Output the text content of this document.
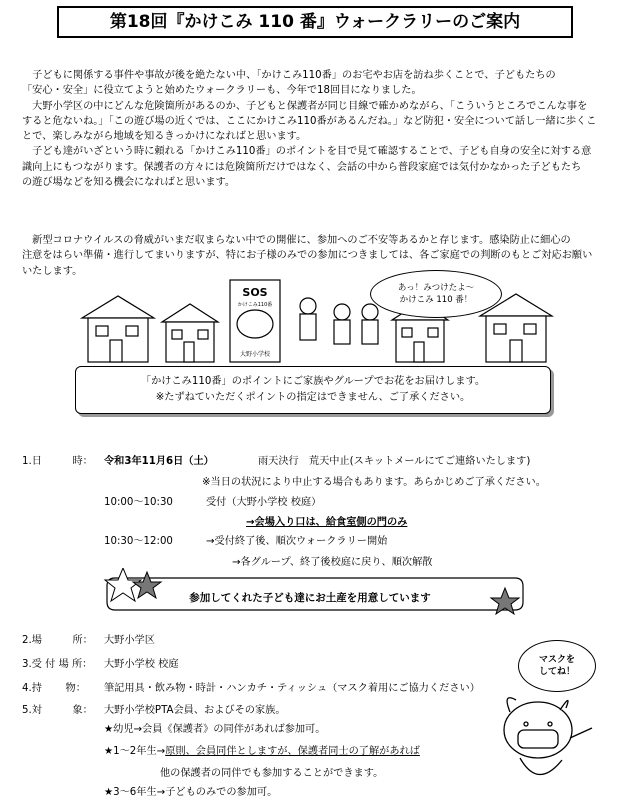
第18回『かけこみ 110 番』ウォークラリーのご案内
　子どもに関係する事件や事故が後を絶たない中、「かけこみ110番」のお宅やお店を訪ね歩くことで、子どもたちの
「安心・安全」に役立てようと始めたウォークラリーも、今年で18回目になりました。
　大野小学区の中にどんな危険箇所があるのか、子どもと保護者が同じ目線で確かめながら、「こういうところでこんな事を
すると危ないね。」「この遊び場の近くでは、ここにかけこみ110番があるんだね。」など防犯・安全について話し一緒に歩くこ
とで、楽しみながら地域を知るきっかけになればと思います。
　子ども達がいざという時に頼れる「かけこみ110番」のポイントを目で見て確認することで、子ども自身の安全に対する意
識向上にもつながります。保護者の方々には危険箇所だけではなく、会話の中から普段家庭では気付かなかった子どもたち
の遊び場などを知る機会になればと思います。
　新型コロナウイルスの脅威がいまだ収まらない中での開催に、参加へのご不安等あるかと存じます。感染防止に細心の
注意をはらい準備・進行してまいりますが、特にお子様のみでの参加につきましては、各ご家庭での判断のもとご対応お願い
いたします。
SOS
かけこみ110番
大野小学校
あっ！みつけたよ～
かけこみ 110 番！
「かけこみ110番」のポイントにご家族やグループでお花をお届けします。
※たずねていただくポイントの指定はできません、ご了承ください。
1.日　　　時： 令和3年11月6日（土）	雨天決行　荒天中止(スキットメールにてご連絡いたします)
※当日の状況により中止する場合もあります。あらかじめご了承ください。
10:00～10:30	受付（大野小学校 校庭）
→会場入り口は、給食室側の門のみ
10:30～12:00	→受付終了後、順次ウォークラリー開始
→各グループ、終了後校庭に戻り、順次解散
参加してくれた子ども達にお土産を用意しています
2.場　　　所： 大野小学区
3.受 付 場 所： 大野小学校 校庭
4.持　　 物： 筆記用具・飲み物・時計・ハンカチ・ティッシュ（マスク着用にご協力ください）
5.対　　　象： 大野小学校PTA会員、およびその家族。
★幼児→会員《保護者》の同伴があれば参加可。
★1～2年生→原則、会員同伴としますが、保護者同士の了解があれば
他の保護者の同伴でも参加することができます。
★3～6年生→子どものみでの参加可。
マスクを
してね！
